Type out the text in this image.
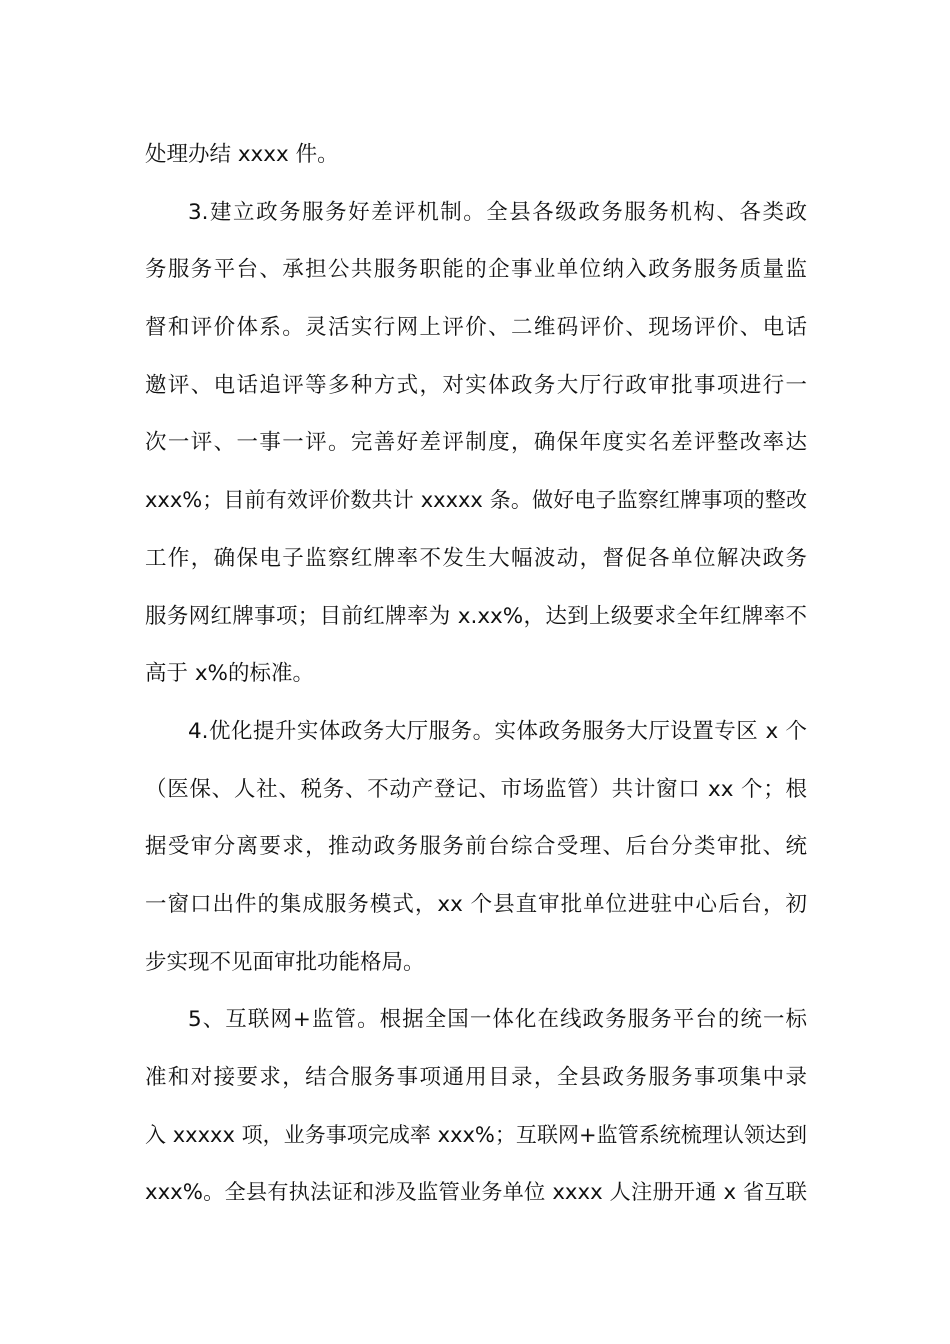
处理办结 xxxx 件。
3.建立政务服务好差评机制。全县各级政务服务机构、各类政
务服务平台、承担公共服务职能的企事业单位纳入政务服务质量监
督和评价体系。灵活实行网上评价、二维码评价、现场评价、电话
邀评、电话追评等多种方式，对实体政务大厅行政审批事项进行一
次一评、一事一评。完善好差评制度，确保年度实名差评整改率达
xxx%；目前有效评价数共计 xxxxx 条。做好电子监察红牌事项的整改
工作，确保电子监察红牌率不发生大幅波动，督促各单位解决政务
服务网红牌事项；目前红牌率为 x.xx%，达到上级要求全年红牌率不
高于 x%的标准。
4.优化提升实体政务大厅服务。实体政务服务大厅设置专区 x 个
（医保、人社、税务、不动产登记、市场监管）共计窗口 xx 个；根
据受审分离要求，推动政务服务前台综合受理、后台分类审批、统
一窗口出件的集成服务模式，xx 个县直审批单位进驻中心后台，初
步实现不见面审批功能格局。
5、互联网+监管。根据全国一体化在线政务服务平台的统一标
准和对接要求，结合服务事项通用目录，全县政务服务事项集中录
入 xxxxx 项，业务事项完成率 xxx%；互联网+监管系统梳理认领达到
xxx%。全县有执法证和涉及监管业务单位 xxxx 人注册开通 x 省互联
